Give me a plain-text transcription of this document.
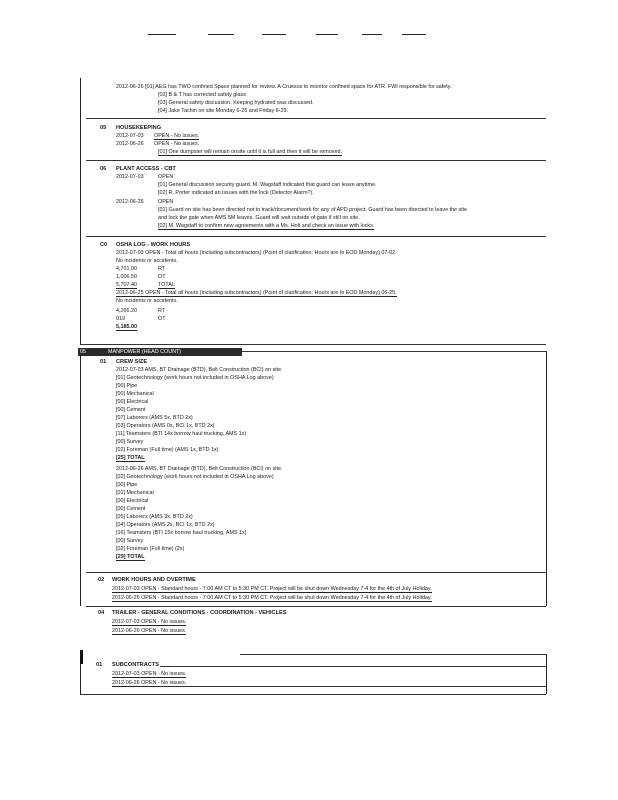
2012-06-26 [01] AEG has TWO confined Space planned for review. A Cruesos to monitor confined space for ATR. FWI responsible for safety.
[02] B & T has corrected safety glass
[03] General safety discussion. Keeping hydrated was discussed.
[04] Jake Tachin on site Monday 6-25 and Friday 6-29.
05 HOUSEKEEPING
2012-07-03 OPEN - No issues.
2012-06-26 OPEN - No issues.
[01] One dumpster will remain onsite until it is full and then it will be removed.
06 PLANT ACCESS - CBT
2012-07-03	OPEN
[01] General discussion security guard. M. Wagstaff indicated that guard can leave anytime.
[02] R. Porter indicated an issues with the lock (Detector Alarm?).
2012-06-26	OPEN
[01] Guard on site has been directed not to track/document/work for any of APD project. Guard has been directed to leave the site
and lock the gate when AMS 5M leaves. Guard will wait outside of gate if still on site.
[02] M. Wagstaff to confirm new agreements with a Ms. Holt and check an issue with locks.
C0 OSHA LOG - WORK HOURS
2012-07-03 OPEN - Total all hours (including subcontractors) (Point of clarification: Hours are to EOD Monday) 07-02.
No incidents or accidents.
4,701.00	RT
1,006.50	OT
5,707.40	TOTAL
2012-06-25 OPEN - Total all hours (including subcontractors) (Point of clarification: Hours are to EOD Monday) 06-25.
No incidents or accidents.
4,266.20	RT
919	OT
5,185.00
05	MANPOWER (HEAD COUNT)
01 CREW SIZE
2012-07-03 AMS, BT Drainage (BTD), Belt Construction (BCI) on site.
[01] Geotechnology (work hours not included in OSHA Log above)
[00] Pipe
[00] Mechanical
[00] Electrical
[00] Cement
[07] Laborers (AMS 5x, BTD 2x)
[03] Operators (AMS 0x, BCI 1x, BTD 2x)
[11] Teamsters (BTI 14x borrow haul trucking, AMS 1x)
[00] Survey
[02] Foreman (Full time) (AMS 1x, BTD 1x)
[25] TOTAL
2012-06-26 AMS, BT Drainage (BTD), Belt Construction (BCI) on site.
[02] Geotechnology (work hours not included in OSHA Log above)
[00] Pipe
[01] Mechanical
[00] Electrical
[00] Cement
[05] Laborers (AMS 3x, BTD 2x)
[04] Operators (AMS 2x, BCI 1x, BTD 2x)
[16] Teamsters (BTI 15x borrow haul trucking, AMS 1x)
[00] Survey
[02] Foreman (Full time) (2x)
[29] TOTAL
02 WORK HOURS AND OVERTIME
2012-07-03 OPEN - Standard hours - 7:00 AM CT to 5:30 PM CT. Project will be shut down Wednesday 7-4 for the 4th of July Holiday.
2012-06-26 OPEN - Standard hours - 7:00 AM CT to 5:30 PM CT. Project will be shut down Wednesday 7-4 for the 4th of July Holiday.
04 TRAILER - GENERAL CONDITIONS - COORDINATION - VEHICLES
2012-07-03 OPEN - No issues.
2012-06-26 OPEN - No issues.
01 SUBCONTRACTS
2012-07-03 OPEN - No issues.
2012-06-26 OPEN - No issues.
